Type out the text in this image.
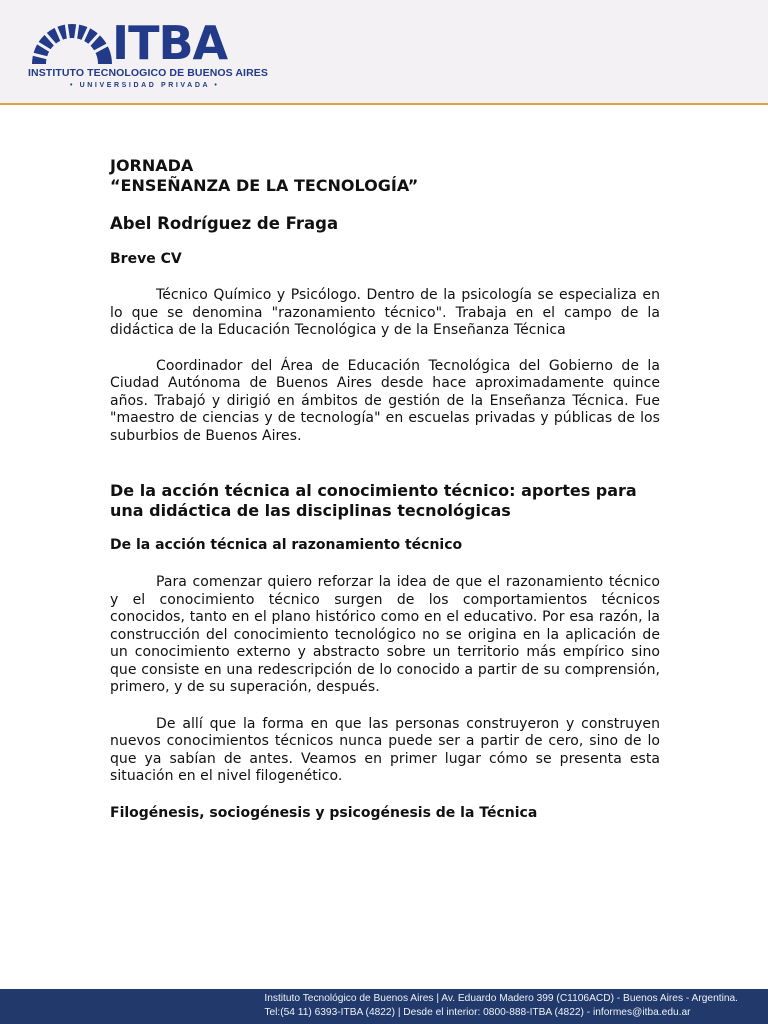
ITBA
INSTITUTO TECNOLOGICO DE BUENOS AIRES
• UNIVERSIDAD PRIVADA •

JORNADA

“ENSEÑANZA DE LA TECNOLOGÍA”

Abel Rodríguez de Fraga

Breve CV

Técnico Químico y Psicólogo. Dentro de la psicología se especializa en lo que se denomina "razonamiento técnico". Trabaja en el campo de la didáctica de la Educación Tecnológica y de la Enseñanza Técnica

Coordinador del Área de Educación Tecnológica del Gobierno de la Ciudad Autónoma de Buenos Aires desde hace aproximadamente quince años. Trabajó y dirigió en ámbitos de gestión de la Enseñanza Técnica. Fue "maestro de ciencias y de tecnología" en escuelas privadas y públicas de los suburbios de Buenos Aires.

De la acción técnica al conocimiento técnico: aportes para una didáctica de las disciplinas tecnológicas

De la acción técnica al razonamiento técnico

Para comenzar quiero reforzar la idea de que el razonamiento técnico y el conocimiento técnico surgen de los comportamientos técnicos conocidos, tanto en el plano histórico como en el educativo. Por esa razón, la construcción del conocimiento tecnológico no se origina en la aplicación de un conocimiento externo y abstracto sobre un territorio más empírico sino que consiste en una redescripción de lo conocido a partir de su comprensión, primero, y de su superación, después.

De allí que la forma en que las personas construyeron y construyen nuevos conocimientos técnicos nunca puede ser a partir de cero, sino de lo que ya sabían de antes. Veamos en primer lugar cómo se presenta esta situación en el nivel filogenético.

Filogénesis, sociogénesis y psicogénesis de la Técnica

Instituto Tecnológico de Buenos Aires | Av. Eduardo Madero 399 (C1106ACD) - Buenos Aires - Argentina.
Tel:(54 11) 6393-ITBA (4822) | Desde el interior: 0800-888-ITBA (4822) - informes@itba.edu.ar
